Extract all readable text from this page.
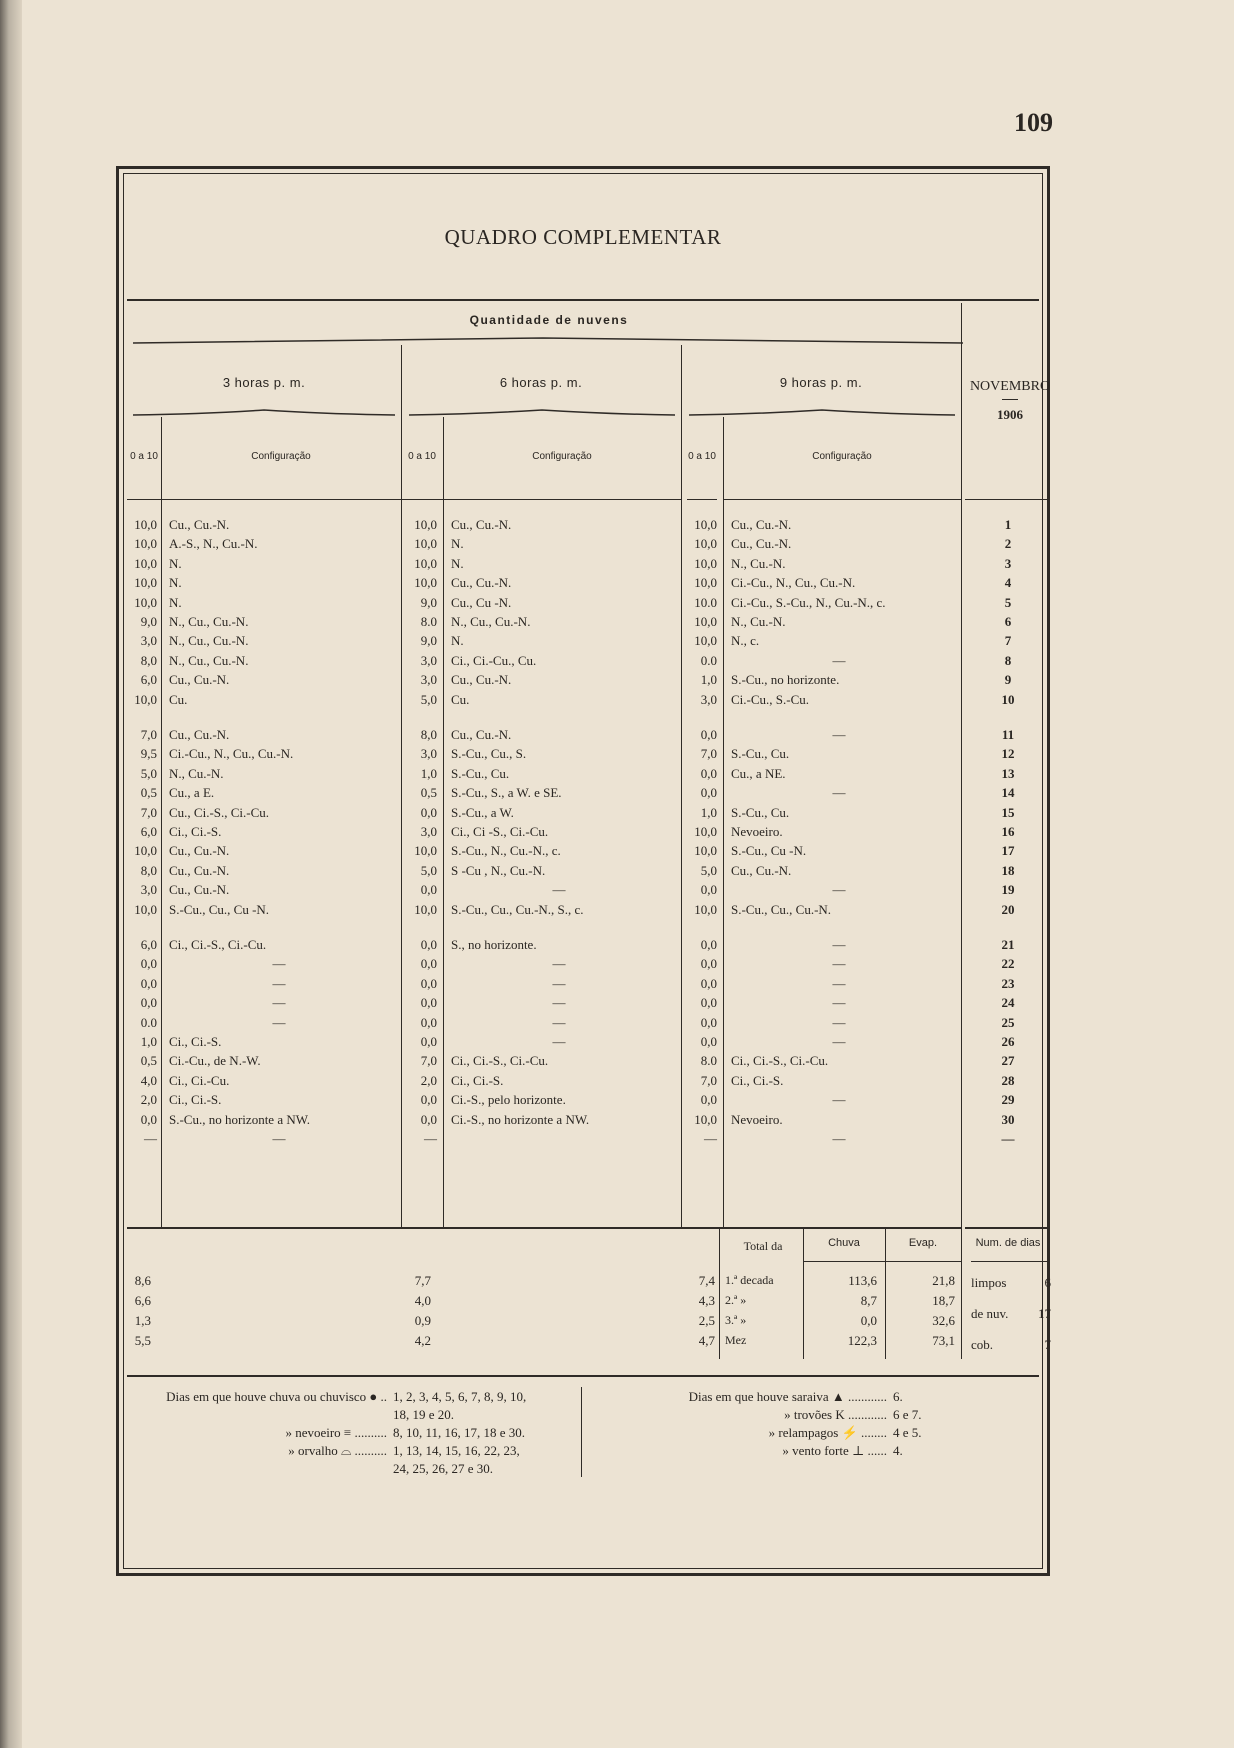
109
QUADRO COMPLEMENTAR
Quantidade de nuvens
3 horas p. m.	6 horas p. m.	9 horas p. m.	NOVEMBRO
1906
0 a 10	Configuração	0 a 10	Configuração	0 a 10	Configuração
10,0 Cu., Cu.-N.	10,0 Cu., Cu.-N.	10,0 Cu., Cu.-N.	1
10,0 A.-S., N., Cu.-N.	10,0 N.	10,0 Cu., Cu.-N.	2
10,0 N.	10,0 N.	10,0 N., Cu.-N.	3
10,0 N.	10,0 Cu., Cu.-N.	10,0 Ci.-Cu., N., Cu., Cu.-N.	4
10,0 N.	9,0 Cu., Cu -N.	10.0 Ci.-Cu., S.-Cu., N., Cu.-N., c.	5
9,0 N., Cu., Cu.-N.	8.0 N., Cu., Cu.-N.	10,0 N., Cu.-N.	6
3,0 N., Cu., Cu.-N.	9,0 N.	10,0 N., c.	7
8,0 N., Cu., Cu.-N.	3,0 Ci., Ci.-Cu., Cu.	0.0	—	8
6,0 Cu., Cu.-N.	3,0 Cu., Cu.-N.	1,0 S.-Cu., no horizonte.	9
10,0 Cu.	5,0 Cu.	3,0 Ci.-Cu., S.-Cu.	10
7,0 Cu., Cu.-N.	8,0 Cu., Cu.-N.	0,0	—	11
9,5 Ci.-Cu., N., Cu., Cu.-N.	3,0 S.-Cu., Cu., S.	7,0 S.-Cu., Cu.	12
5,0 N., Cu.-N.	1,0 S.-Cu., Cu.	0,0 Cu., a NE.	13
0,5 Cu., a E.	0,5 S.-Cu., S., a W. e SE.	0,0	—	14
7,0 Cu., Ci.-S., Ci.-Cu.	0,0 S.-Cu., a W.	1,0 S.-Cu., Cu.	15
6,0 Ci., Ci.-S.	3,0 Ci., Ci -S., Ci.-Cu.	10,0 Nevoeiro.	16
10,0 Cu., Cu.-N.	10,0 S.-Cu., N., Cu.-N., c.	10,0 S.-Cu., Cu -N.	17
8,0 Cu., Cu.-N.	5,0 S -Cu , N., Cu.-N.	5,0 Cu., Cu.-N.	18
3,0 Cu., Cu.-N.	0,0	—	0,0	—	19
10,0 S.-Cu., Cu., Cu -N.	10,0 S.-Cu., Cu., Cu.-N., S., c.	10,0 S.-Cu., Cu., Cu.-N.	20
6,0 Ci., Ci.-S., Ci.-Cu.	0,0 S., no horizonte.	0,0	—	21
0,0	—	0,0	—	0,0	—	22
0,0	—	0,0	—	0,0	—	23
0,0	—	0,0	—	0,0	—	24
0.0	—	0,0	—	0,0	—	25
1,0 Ci., Ci.-S.	0,0	—	0,0	—	26
0,5 Ci.-Cu., de N.-W.	7,0 Ci., Ci.-S., Ci.-Cu.	8.0 Ci., Ci.-S., Ci.-Cu.	27
4,0 Ci., Ci.-Cu.	2,0 Ci., Ci.-S.	7,0 Ci., Ci.-S.	28
2,0 Ci., Ci.-S.	0,0 Ci.-S., pelo horizonte.	0,0	—	29
0,0 S.-Cu., no horizonte a NW.	0,0 Ci.-S., no horizonte a NW.	10,0 Nevoeiro.	30
—	—	—	—	—	—
Total da	Chuva	Evap.	Num. de dias
8,6	7,7	7,4 1.ª decada	113,6	21,8
6,6	4,0	4,3 2.ª »	8,7	18,7
1,3	0,9	2,5 3.ª »	0,0	32,6
5,5	4,2	4,7 Mez	122,3	73,1
limpos	6
de nuv.	17
cob.	7
Dias em que houve chuva ou chuvisco ● .. 1, 2, 3, 4, 5, 6, 7, 8, 9, 10,
18, 19 e 20.
» nevoeiro ≡ .......... 8, 10, 11, 16, 17, 18 e 30.
» orvalho ⌓ .......... 1, 13, 14, 15, 16, 22, 23,
24, 25, 26, 27 e 30.
Dias em que houve saraiva ▲ ............ 6.
» trovões K ............ 6 e 7.
» relampagos ⚡ ........ 4 e 5.
» vento forte ⊥ ...... 4.
